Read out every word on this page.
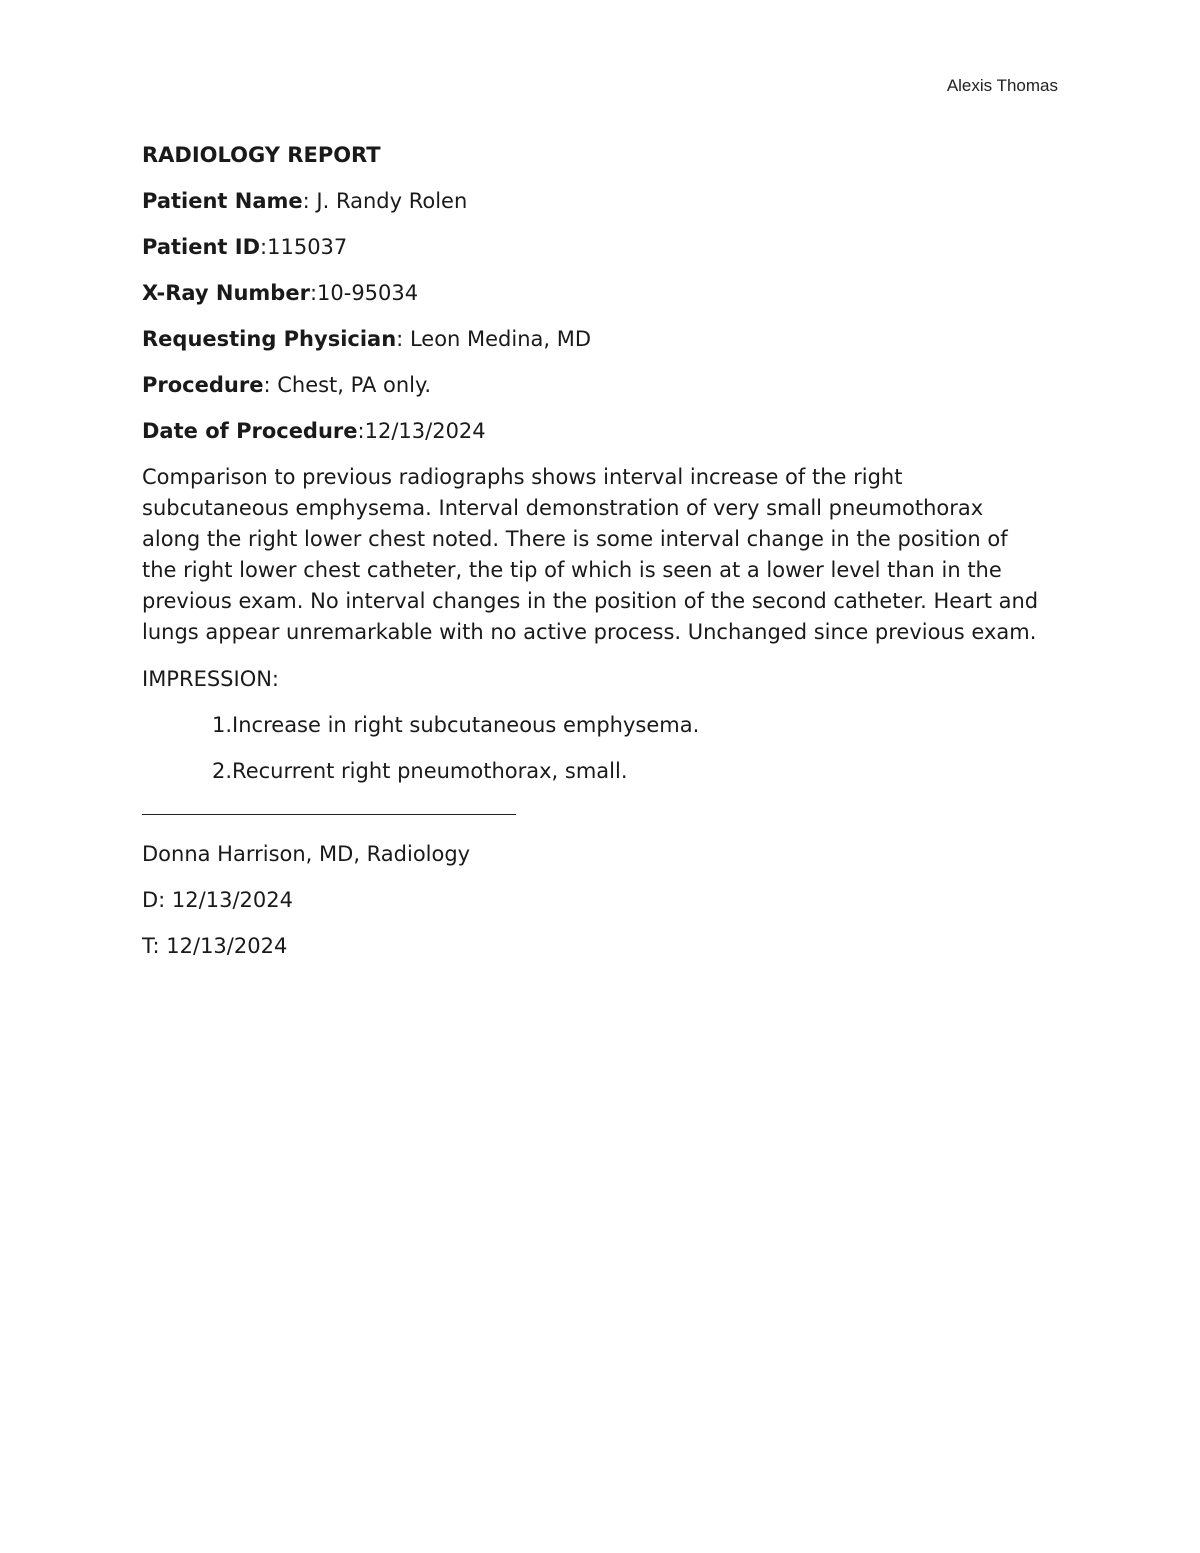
Alexis Thomas
RADIOLOGY REPORT
Patient Name: J. Randy Rolen
Patient ID:115037
X-Ray Number:10-95034
Requesting Physician: Leon Medina, MD
Procedure: Chest, PA only.
Date of Procedure:12/13/2024

Comparison to previous radiographs shows interval increase of the right subcutaneous emphysema. Interval demonstration of very small pneumothorax along the right lower chest noted. There is some interval change in the position of the right lower chest catheter, the tip of which is seen at a lower level than in the previous exam. No interval changes in the position of the second catheter. Heart and lungs appear unremarkable with no active process. Unchanged since previous exam.

IMPRESSION:
1.Increase in right subcutaneous emphysema.
2.Recurrent right pneumothorax, small.
Donna Harrison, MD, Radiology
D: 12/13/2024
T: 12/13/2024
